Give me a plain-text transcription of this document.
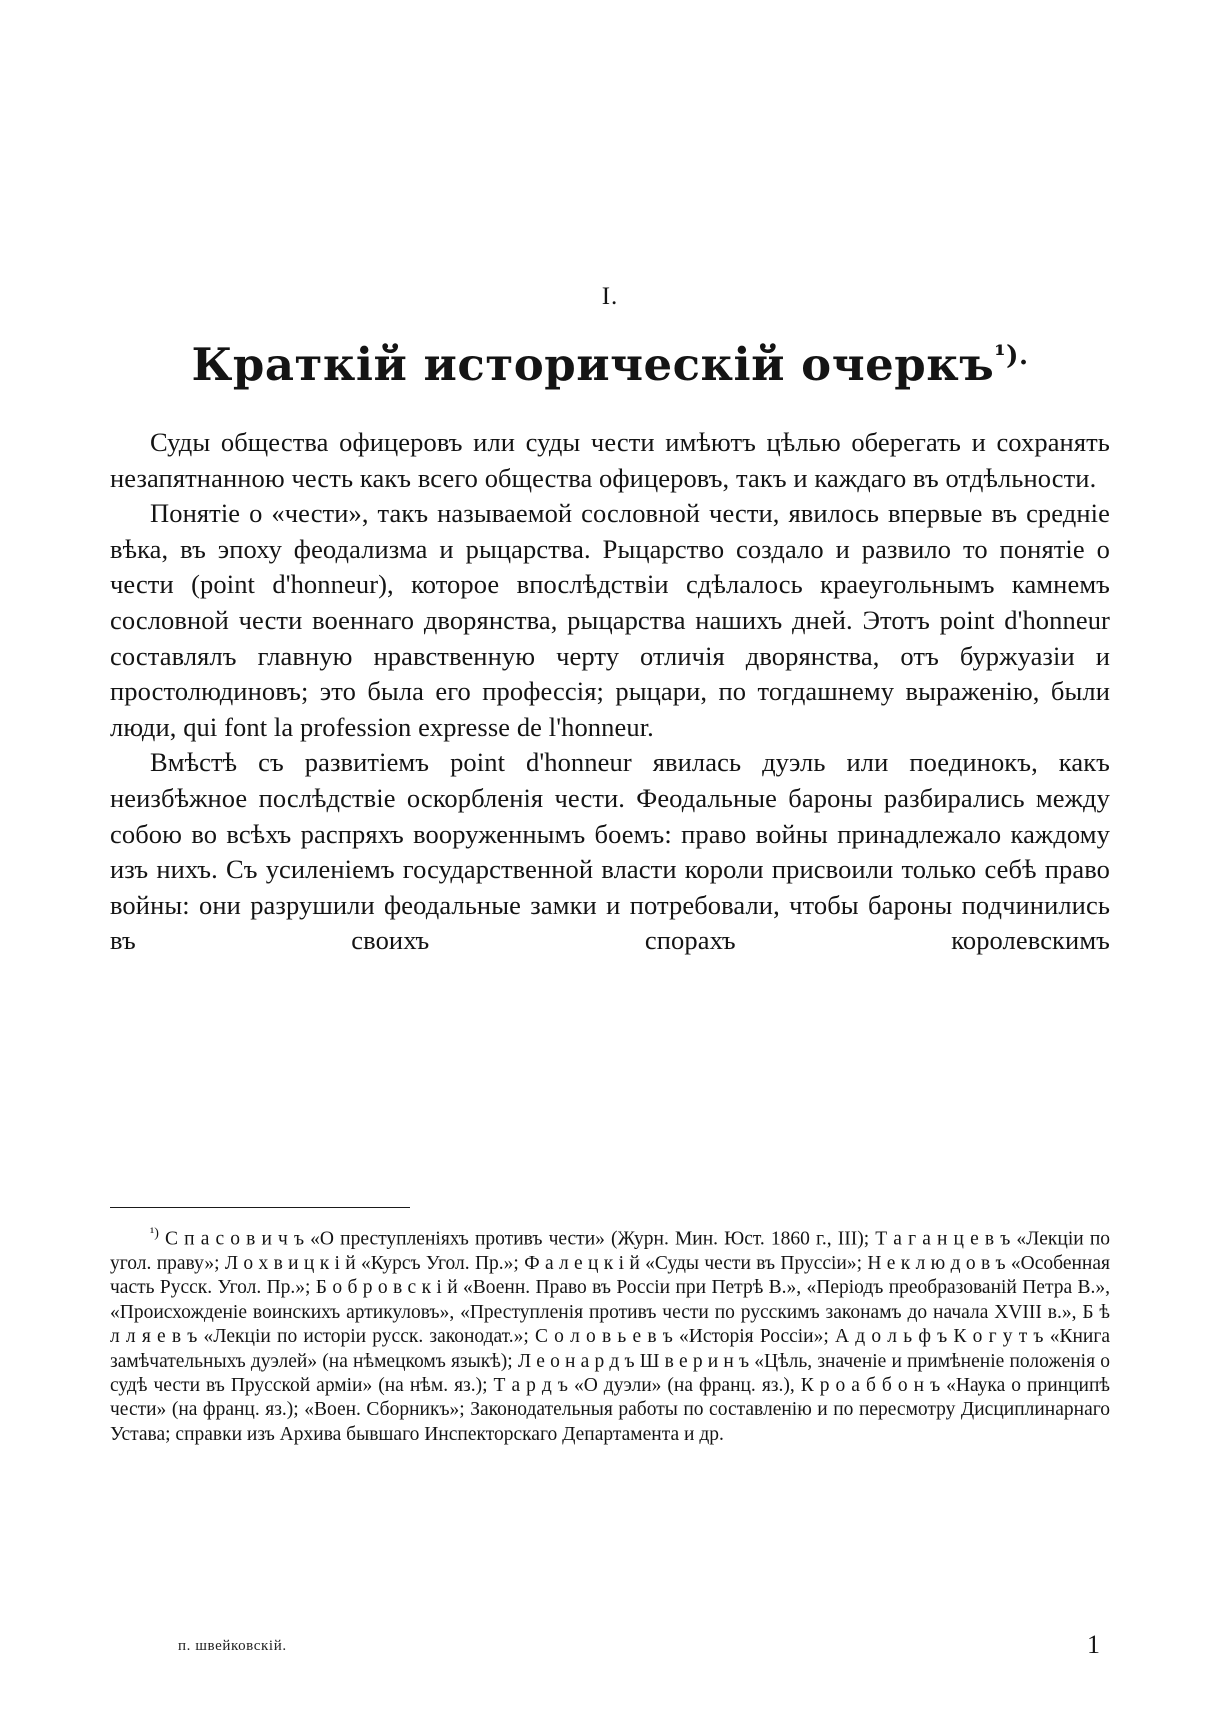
I.
Краткій историческій очеркъ$^{^1).}$

Суды общества офицеровъ или суды чести имѣютъ цѣлью оберегать и сохранять незапятнанною честь какъ всего общества офицеровъ, такъ и каждаго въ отдѣльности.

Понятіе о «чести», такъ называемой сословной чести, явилось впервые въ средніе вѣка, въ эпоху феодализма и рыцарства. Рыцарство создало и развило то понятіе о чести (point d'honneur), которое впослѣдствіи сдѣлалось краеугольнымъ камнемъ сословной чести военнаго дворянства, рыцарства нашихъ дней. Этотъ point d'honneur составлялъ главную нравственную черту отличія дворянства, отъ буржуазіи и простолюдиновъ; это была его профессія; рыцари, по тогдашнему выраженію, были люди, qui font la profession expresse de l'honneur.

Вмѣстѣ съ развитіемъ point d'honneur явилась дуэль или поединокъ, какъ неизбѣжное послѣдствіе оскорбленія чести. Феодальные бароны разбирались между собою во всѣхъ распряхъ вооруженнымъ боемъ: право войны принадлежало каждому изъ нихъ. Съ усиленіемъ государственной власти короли присвоили только себѣ право войны: они разрушили феодальные замки и потребовали, чтобы бароны подчинились въ своихъ спорахъ королевскимъ

$^{^1)}$ С п а с о в и ч ъ «О преступленіяхъ противъ чести» (Журн. Мин. Юст. 1860 г., III); Т а г а н ц е в ъ «Лекціи по угол. праву»; Л о х в и ц к і й «Курсъ Угол. Пр.»; Ф а л е ц к і й «Суды чести въ Пруссіи»; Н е к л ю д о в ъ «Особенная часть Русск. Угол. Пр.»; Б о б р о в с к і й «Военн. Право въ Россіи при Петрѣ В.», «Періодъ преобразованій Петра В.», «Происхожденіе воинскихъ артикуловъ», «Преступленія противъ чести по русскимъ законамъ до начала XVIII в.», Б ѣ л л я е в ъ «Лекціи по исторіи русск. законодат.»; С о л о в ь е в ъ «Исторія Россіи»; А д о л ь ф ъ К о г у т ъ «Книга замѣчательныхъ дуэлей» (на нѣмецкомъ языкѣ); Л е о н а р д ъ Ш в е р и н ъ «Цѣль, значеніе и примѣненіе положенія о судѣ чести въ Прусской арміи» (на нѣм. яз.); Т а р д ъ «О дуэли» (на франц. яз.), К р о а б б о н ъ «Наука о принципѣ чести» (на франц. яз.); «Воен. Сборникъ»; Законодательныя работы по составленію и по пересмотру Дисциплинарнаго Устава; справки изъ Архива бывшаго Инспекторскаго Департамента и др.

п. швейковскій.	1
